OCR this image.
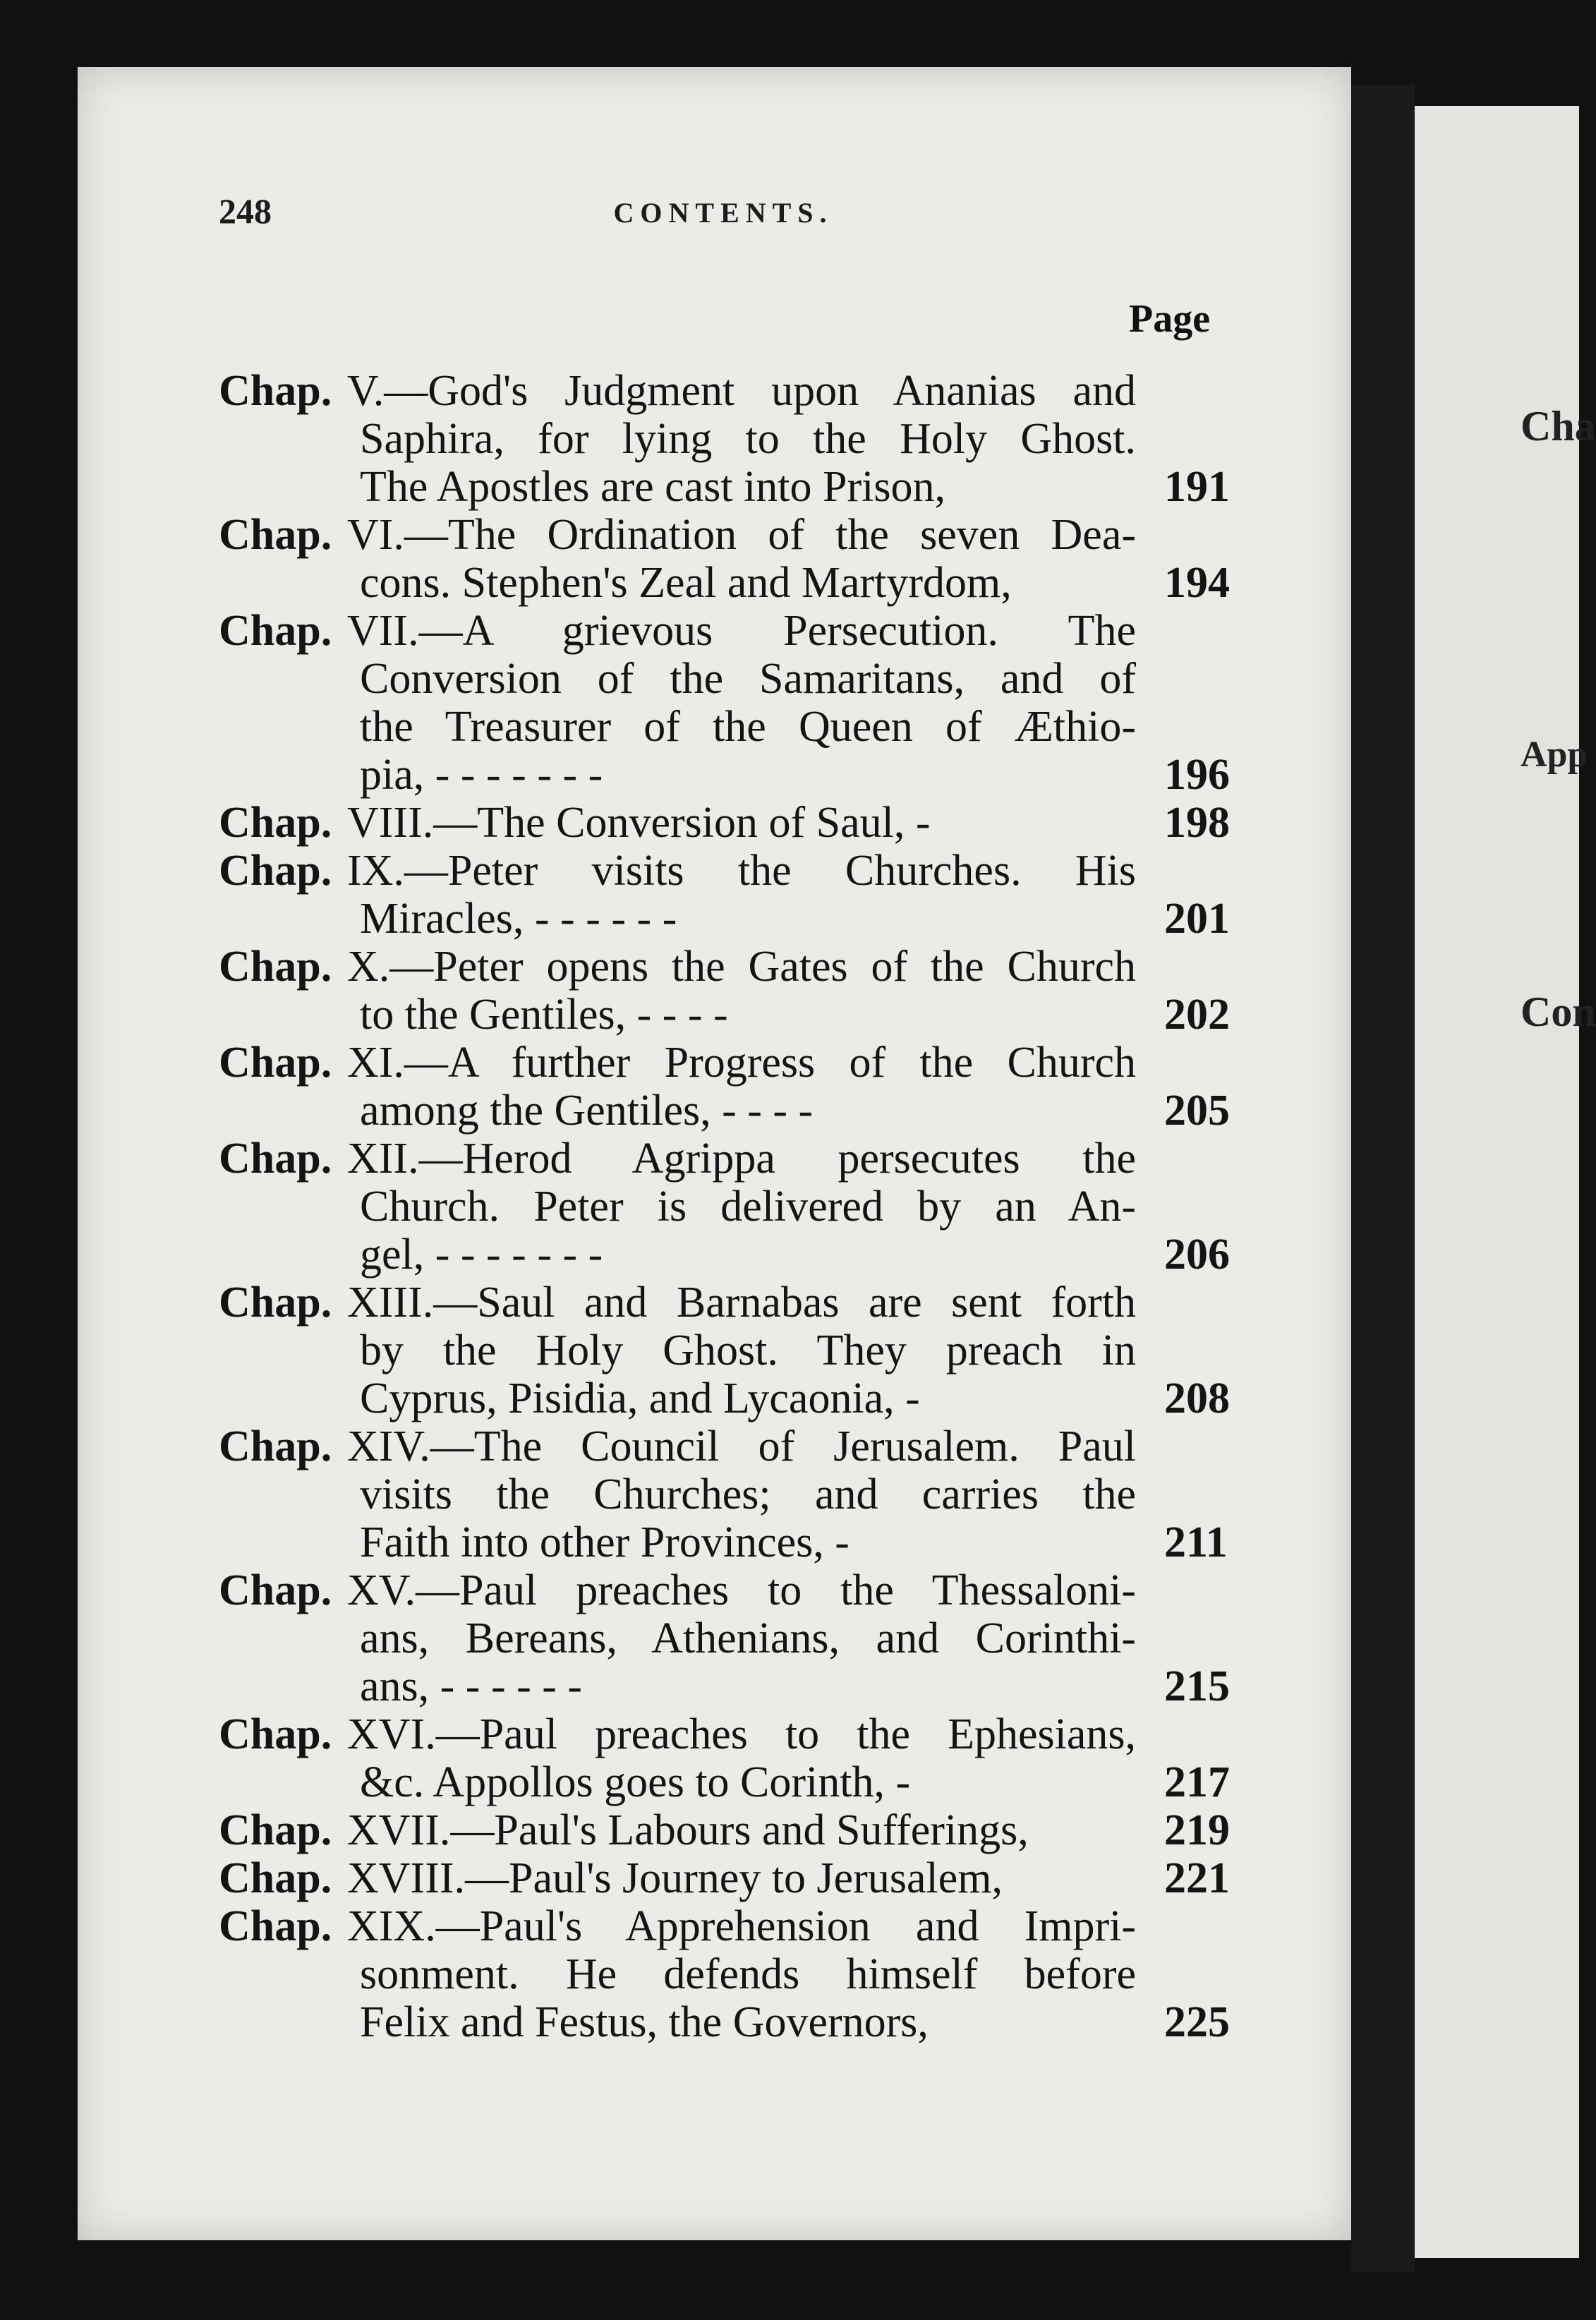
Cha
App
Con
248	CONTENTS.
Page
Chap. V.—God's Judgment upon Ananias and
Saphira, for lying to the Holy Ghost.
The Apostles are cast into Prison,	191
Chap. VI.—The Ordination of the seven Dea-
cons. Stephen's Zeal and Martyrdom,	194
Chap. VII.—A grievous Persecution. The
Conversion of the Samaritans, and of
the Treasurer of the Queen of Æthio-
pia, - - - - - - -	196
Chap. VIII.—The Conversion of Saul, -	198
Chap. IX.—Peter visits the Churches. His
Miracles, - - - - - -	201
Chap. X.—Peter opens the Gates of the Church
to the Gentiles, - - - -	202
Chap. XI.—A further Progress of the Church
among the Gentiles, - - - -	205
Chap. XII.—Herod Agrippa persecutes the
Church. Peter is delivered by an An-
gel, - - - - - - -	206
Chap. XIII.—Saul and Barnabas are sent forth
by the Holy Ghost. They preach in
Cyprus, Pisidia, and Lycaonia, -	208
Chap. XIV.—The Council of Jerusalem. Paul
visits the Churches; and carries the
Faith into other Provinces, -	211
Chap. XV.—Paul preaches to the Thessaloni-
ans, Bereans, Athenians, and Corinthi-
ans, - - - - - -	215
Chap. XVI.—Paul preaches to the Ephesians,
&c. Appollos goes to Corinth, -	217
Chap. XVII.—Paul's Labours and Sufferings,	219
Chap. XVIII.—Paul's Journey to Jerusalem,	221
Chap. XIX.—Paul's Apprehension and Impri-
sonment. He defends himself before
Felix and Festus, the Governors,	225
